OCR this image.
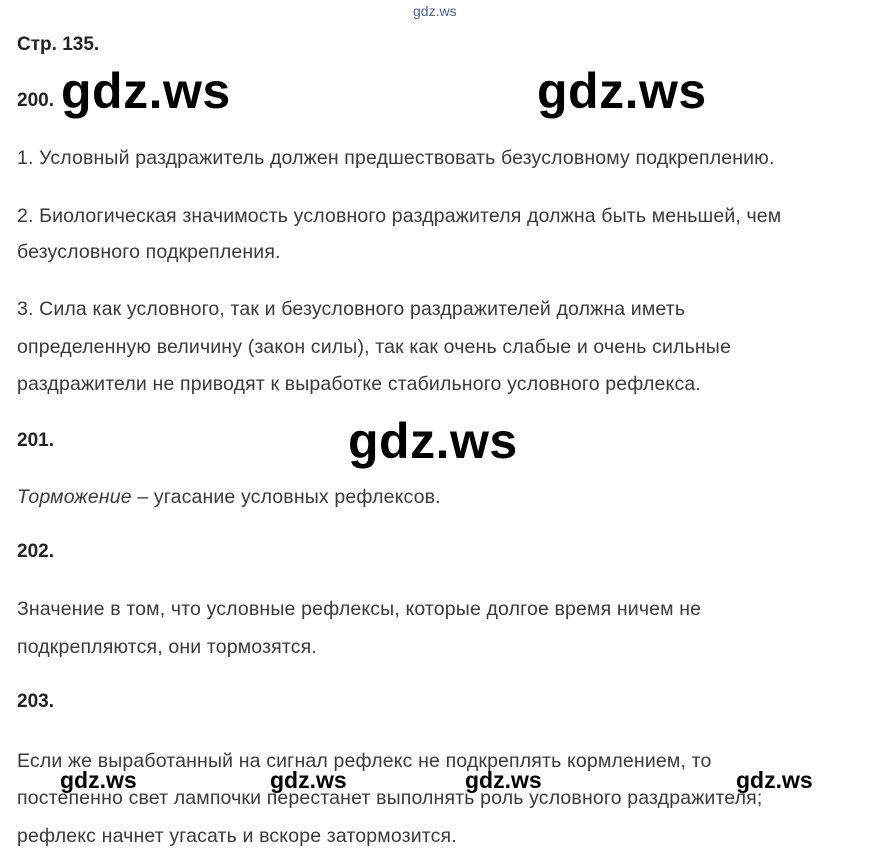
gdz.ws
Стр. 135.
200. gdz.ws	gdz.ws
1. Условный раздражитель должен предшествовать безусловному подкреплению.
2. Биологическая значимость условного раздражителя должна быть меньшей, чем
безусловного подкрепления.
3. Сила как условного, так и безусловного раздражителей должна иметь
определенную величину (закон силы), так как очень слабые и очень сильные
раздражители не приводят к выработке стабильного условного рефлекса.
201.	gdz.ws
Торможение – угасание условных рефлексов.
202.
Значение в том, что условные рефлексы, которые долгое время ничем не
подкрепляются, они тормозятся.
203.
Если же выработанный на сигнал рефлекс не подкреплять кормлением, то
постепенно свет лампочки перестанет выполнять роль условного раздражителя;
рефлекс начнет угасать и вскоре затормозится.
gdz.ws	gdz.ws	gdz.ws	gdz.ws
